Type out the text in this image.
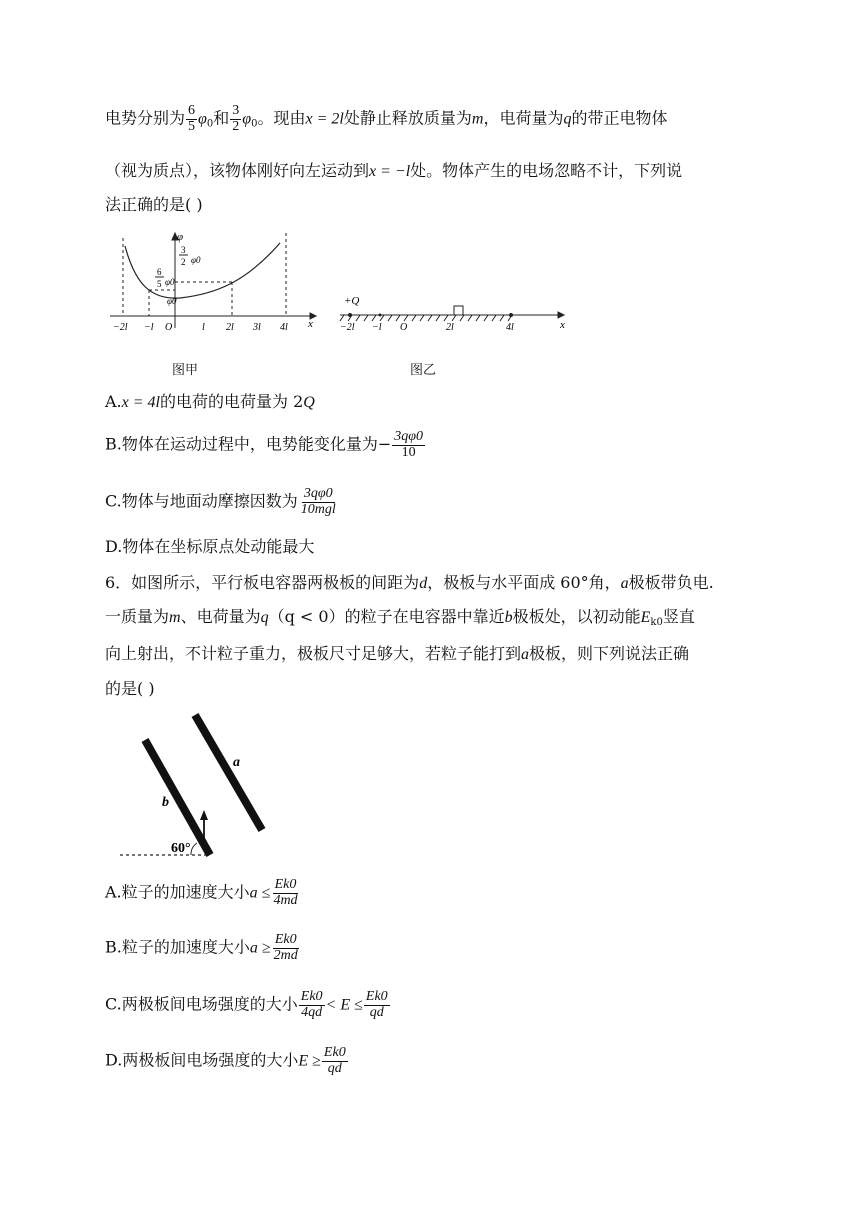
电势分别为 $\frac{6}{5} \varphi_0$和 $\frac{3}{2} \varphi_0$。现由x = 2l处静止释放质量为m，电荷量为q的带正电物体
（视为质点），该物体刚好向左运动到x = −l处。物体产生的电场忽略不计，下列说
法正确的是( )
φ
x
3
2 φ0
6
5 φ0
φ0
−2l −l O	l 2l 3l 4l
+Q
x
−2l −l O	2l	4l
图甲	图乙
A.x = 4l的电荷的电荷量为 2Q
B.物体在运动过程中，电势能变化量为− $\frac{3q\varphi 0}{10}$
C.物体与地面动摩擦因数为 $\frac{3q\varphi 0}{\text{10mgl}}$
D.物体在坐标原点处动能最大
6．如图所示，平行板电容器两极板的间距为d，极板与水平面成 60°角，a极板带负电.
一质量为m、电荷量为q（q < 0）的粒子在电容器中靠近b极板处，以初动能$E_{k0}$竖直
向上射出，不计粒子重力，极板尺寸足够大，若粒子能打到a极板，则下列说法正确
的是( )
60°
a
b
A.粒子的加速度大小$a \le \frac{Ek0}{4md}$
B.粒子的加速度大小$a \ge \frac{Ek0}{2md}$
C.两极板间电场强度的大小 $\frac{Ek0}{4qd} < E \le \frac{Ek0}{qd}$
D.两极板间电场强度的大小$E \ge \frac{Ek0}{qd}$
